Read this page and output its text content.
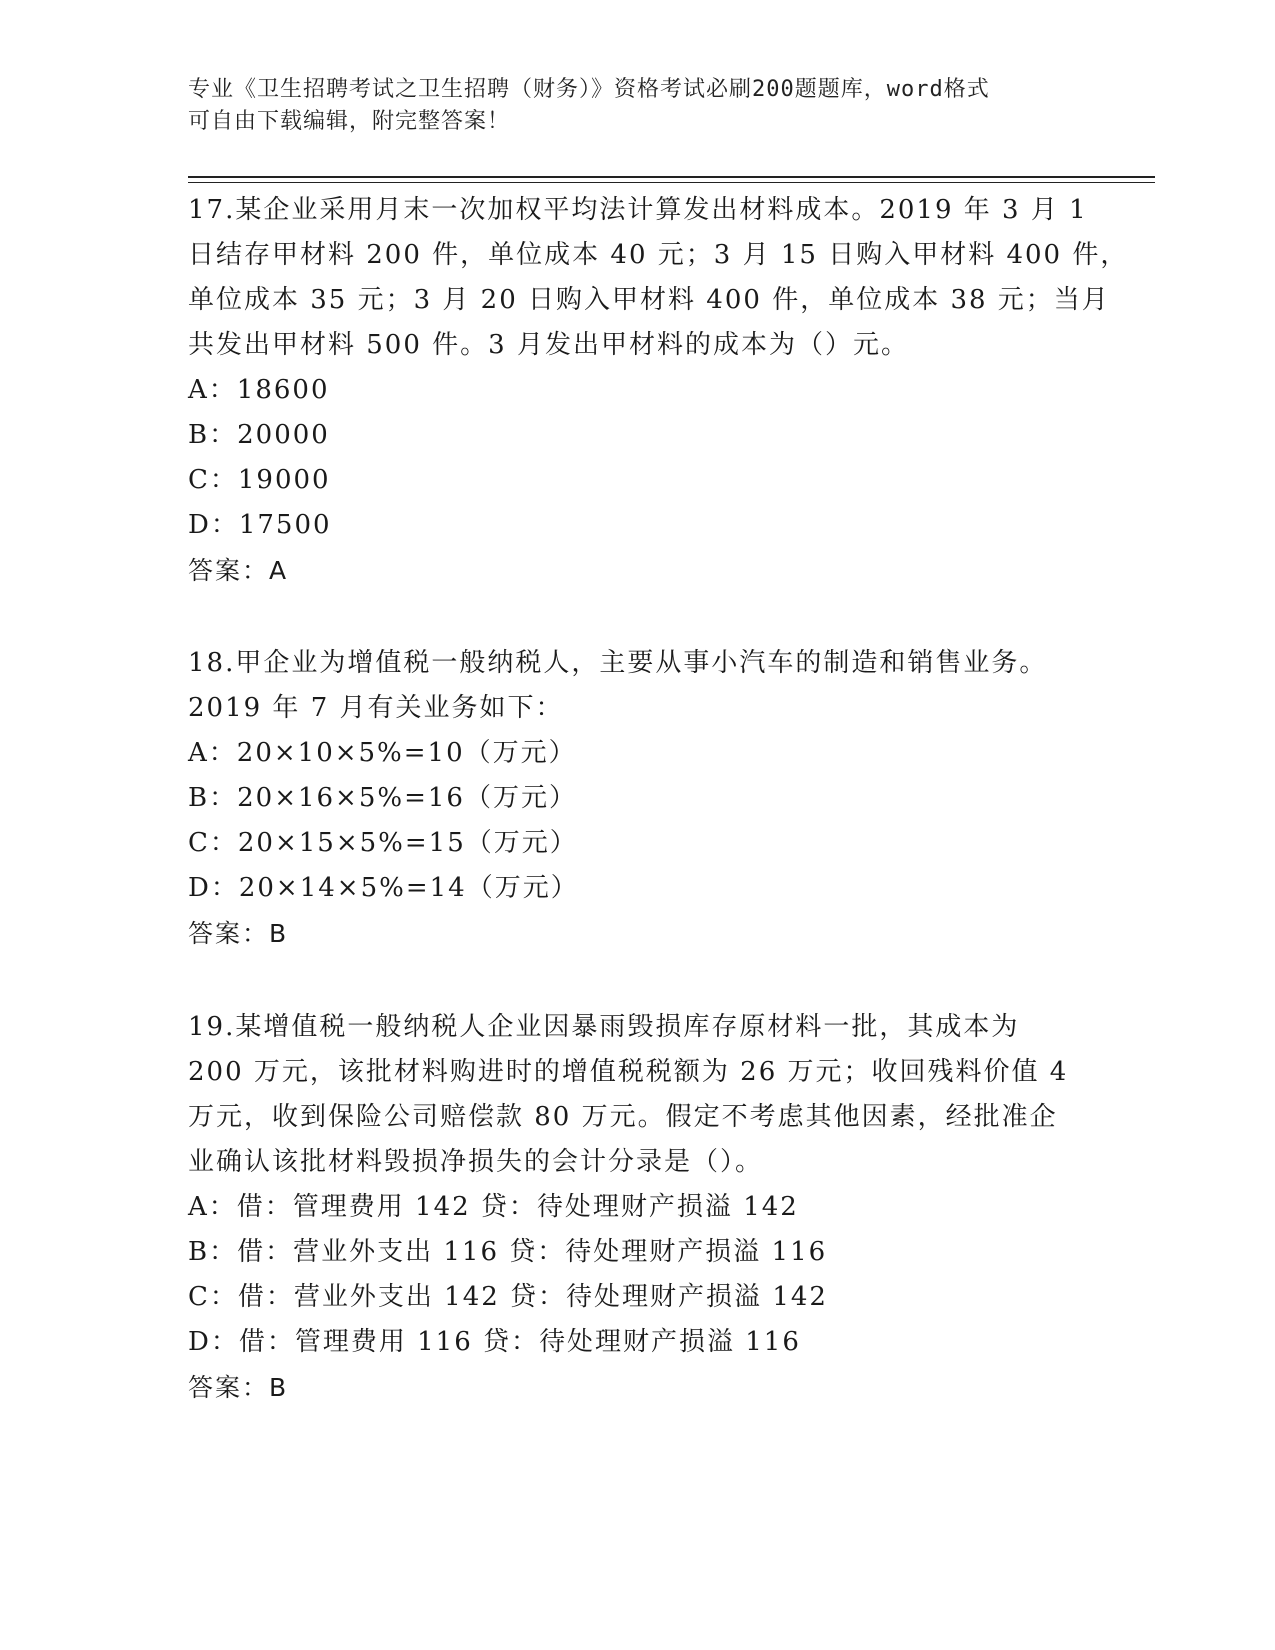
专业《卫生招聘考试之卫生招聘（财务）》资格考试必刷200题题库，word格式

可自由下载编辑，附完整答案！

17.某企业采用月末一次加权平均法计算发出材料成本。2019 年 3 月 1

日结存甲材料 200 件，单位成本 40 元；3 月 15 日购入甲材料 400 件，

单位成本 35 元；3 月 20 日购入甲材料 400 件，单位成本 38 元；当月

共发出甲材料 500 件。3 月发出甲材料的成本为（）元。

A：18600

B：20000

C：19000

D：17500

答案：A

18.甲企业为增值税一般纳税人，主要从事小汽车的制造和销售业务。

2019 年 7 月有关业务如下：

A：20×10×5%=10（万元）

B：20×16×5%=16（万元）

C：20×15×5%=15（万元）

D：20×14×5%=14（万元）

答案：B

19.某增值税一般纳税人企业因暴雨毁损库存原材料一批，其成本为

200 万元，该批材料购进时的增值税税额为 26 万元；收回残料价值 4

万元，收到保险公司赔偿款 80 万元。假定不考虑其他因素，经批准企

业确认该批材料毁损净损失的会计分录是（）。

A：借：管理费用 142 贷：待处理财产损溢 142

B：借：营业外支出 116 贷：待处理财产损溢 116

C：借：营业外支出 142 贷：待处理财产损溢 142

D：借：管理费用 116 贷：待处理财产损溢 116

答案：B
